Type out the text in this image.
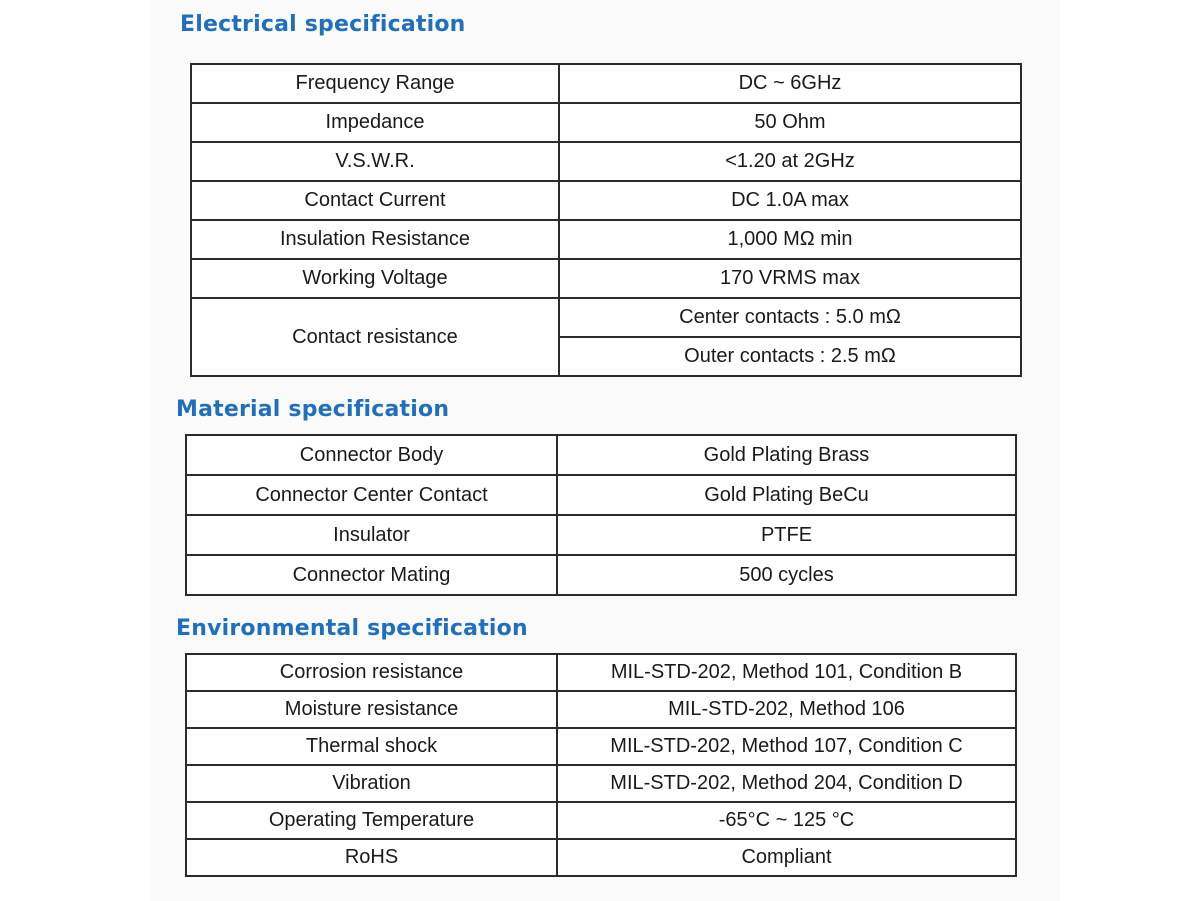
Electrical specification
Frequency Range	DC ~ 6GHz
Impedance	50 Ohm
V.S.W.R.	<1.20 at 2GHz
Contact Current	DC 1.0A max
Insulation Resistance	1,000 MΩ min
Working Voltage	170 VRMS max
Contact resistance	Center contacts : 5.0 mΩ
	Outer contacts : 2.5 mΩ
Material specification
Connector Body	Gold Plating Brass
Connector Center Contact	Gold Plating BeCu
Insulator	PTFE
Connector Mating	500 cycles
Environmental specification
Corrosion resistance	MIL-STD-202, Method 101, Condition B
Moisture resistance	MIL-STD-202, Method 106
Thermal shock	MIL-STD-202, Method 107, Condition C
Vibration	MIL-STD-202, Method 204, Condition D
Operating Temperature	-65°C ~ 125 °C
RoHS	Compliant
